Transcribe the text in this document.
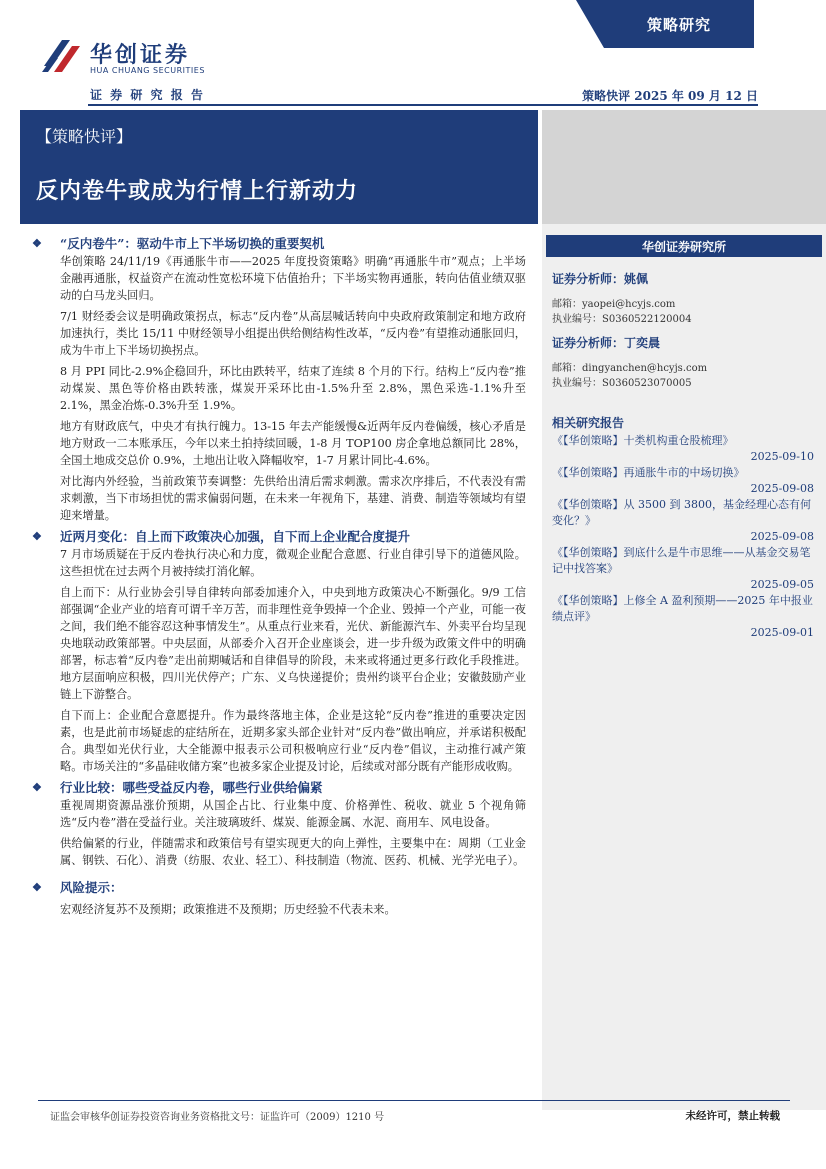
华创证券
HUA CHUANG SECURITIES
证 券 研 究 报 告
策略研究
策略快评 2025 年 09 月 12 日
【策略快评】
反内卷牛或成为行情上行新动力
❖ “反内卷牛”：驱动牛市上下半场切换的重要契机

华创策略 24/11/19《再通胀牛市——2025 年度投资策略》明确“再通胀牛市”观点；上半场金融再通胀，权益资产在流动性宽松环境下估值抬升；下半场实物再通胀，转向估值业绩双驱动的白马龙头回归。

7/1 财经委会议是明确政策拐点，标志“反内卷”从高层喊话转向中央政府政策制定和地方政府加速执行，类比 15/11 中财经领导小组提出供给侧结构性改革，“反内卷”有望推动通胀回归，成为牛市上下半场切换拐点。

8 月 PPI 同比-2.9%企稳回升，环比由跌转平，结束了连续 8 个月的下行。结构上“反内卷”推动煤炭、黑色等价格由跌转涨，煤炭开采环比由-1.5%升至 2.8%，黑色采选-1.1%升至 2.1%，黑金冶炼-0.3%升至 1.9%。

地方有财政底气，中央才有执行魄力。13-15 年去产能缓慢&近两年反内卷偏缓，核心矛盾是地方财政一二本账承压，今年以来土拍持续回暖，1-8 月 TOP100 房企拿地总额同比 28%，全国土地成交总价 0.9%，土地出让收入降幅收窄，1-7 月累计同比-4.6%。

对比海内外经验，当前政策节奏调整：先供给出清后需求刺激。需求次序排后，不代表没有需求刺激，当下市场担忧的需求偏弱问题，在未来一年视角下，基建、消费、制造等领域均有望迎来增量。

❖ 近两月变化：自上而下政策决心加强，自下而上企业配合度提升

7 月市场质疑在于反内卷执行决心和力度，微观企业配合意愿、行业自律引导下的道德风险。这些担忧在过去两个月被持续打消化解。

自上而下：从行业协会引导自律转向部委加速介入，中央到地方政策决心不断强化。9/9 工信部强调“企业产业的培育可谓千辛万苦，而非理性竞争毁掉一个企业、毁掉一个产业，可能一夜之间，我们绝不能容忍这种事情发生”。从重点行业来看，光伏、新能源汽车、外卖平台均呈现央地联动政策部署。中央层面，从部委介入召开企业座谈会，进一步升级为政策文件中的明确部署，标志着“反内卷”走出前期喊话和自律倡导的阶段，未来或将通过更多行政化手段推进。地方层面响应积极，四川光伏停产；广东、义乌快递提价；贵州约谈平台企业；安徽鼓励产业链上下游整合。

自下而上：企业配合意愿提升。作为最终落地主体，企业是这轮“反内卷”推进的重要决定因素，也是此前市场疑虑的症结所在，近期多家头部企业针对“反内卷”做出响应，并承诺积极配合。典型如光伏行业，大全能源中报表示公司积极响应行业“反内卷”倡议，主动推行减产策略。市场关注的“多晶硅收储方案”也被多家企业提及讨论，后续或对部分既有产能形成收购。

❖ 行业比较：哪些受益反内卷，哪些行业供给偏紧

重视周期资源品涨价预期，从国企占比、行业集中度、价格弹性、税收、就业 5 个视角筛选“反内卷”潜在受益行业。关注玻璃玻纤、煤炭、能源金属、水泥、商用车、风电设备。

供给偏紧的行业，伴随需求和政策信号有望实现更大的向上弹性，主要集中在：周期（工业金属、钢铁、石化）、消费（纺服、农业、轻工）、科技制造（物流、医药、机械、光学光电子）。

❖ 风险提示：

宏观经济复苏不及预期；政策推进不及预期；历史经验不代表未来。

华创证券研究所
证券分析师：姚佩
邮箱：yaopei@hcyjs.com
执业编号：S0360522120004
证券分析师：丁奕晨
邮箱：dingyanchen@hcyjs.com
执业编号：S0360523070005
相关研究报告
《【华创策略】十类机构重仓股梳理》
2025-09-10
《【华创策略】再通胀牛市的中场切换》
2025-09-08
《【华创策略】从 3500 到 3800，基金经理心态有何变化？》
2025-09-08
《【华创策略】到底什么是牛市思维——从基金交易笔记中找答案》
2025-09-05
《【华创策略】上修全 A 盈利预期——2025 年中报业绩点评》
2025-09-01
证监会审核华创证券投资咨询业务资格批文号：证监许可（2009）1210 号	未经许可，禁止转载
